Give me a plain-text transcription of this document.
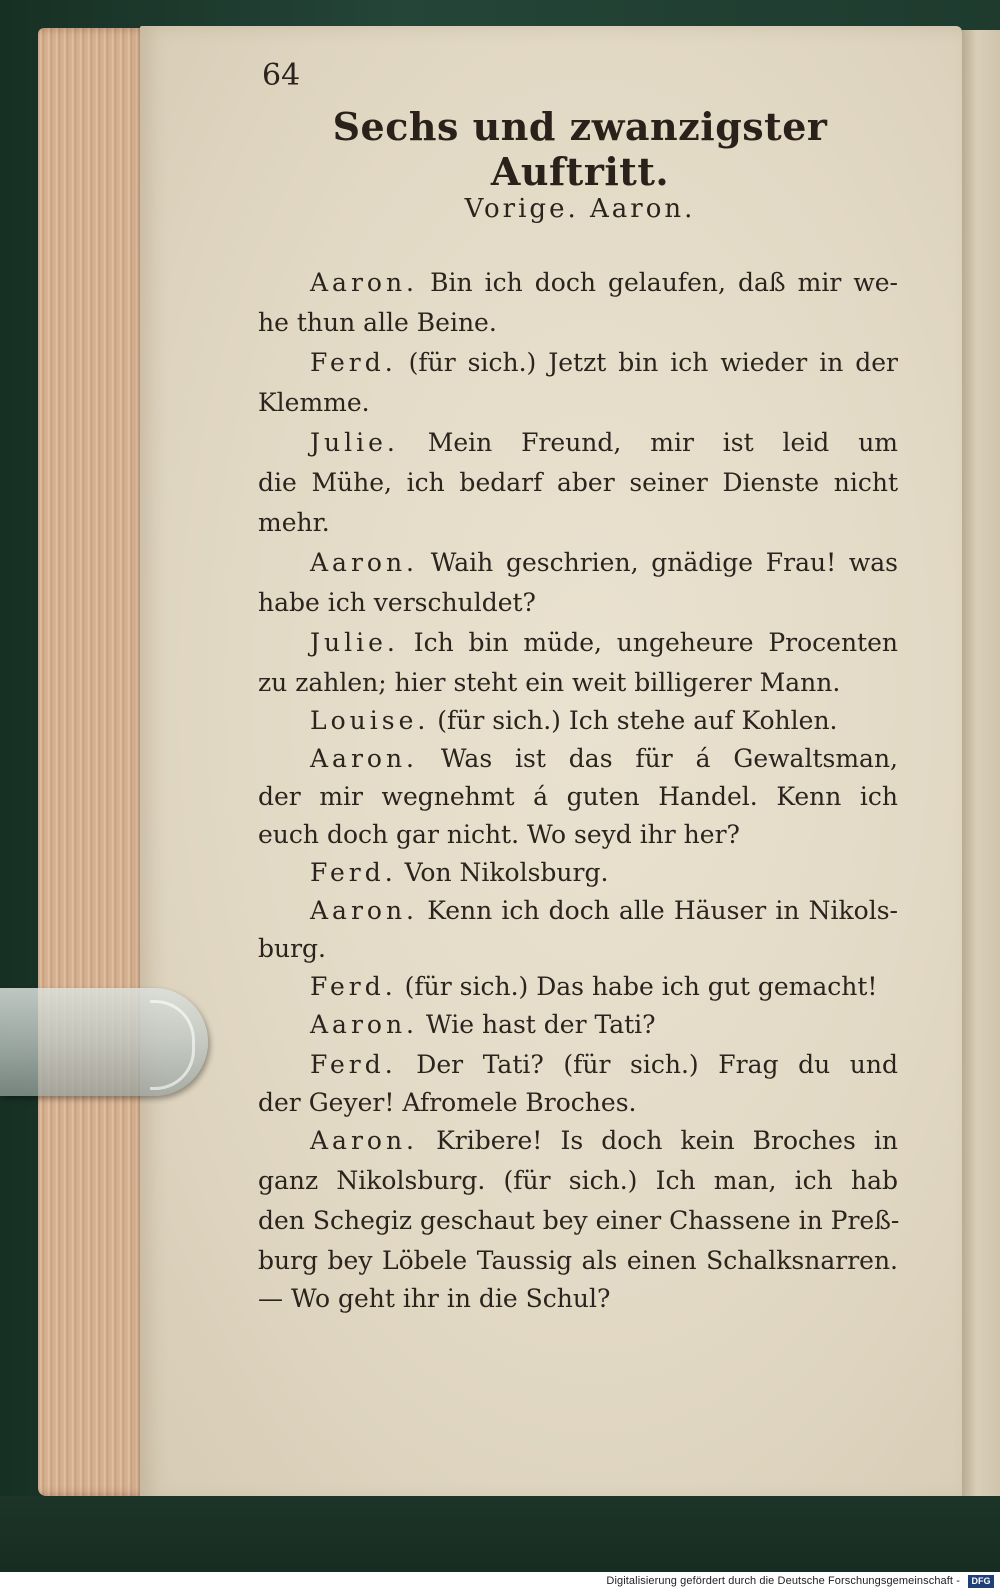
64
Sechs und zwanzigster Auftritt.
Vorige. Aaron.
Aaron. Bin ich doch gelaufen, daß mir we-
he thun alle Beine.
Ferd. (für sich.) Jetzt bin ich wieder in der
Klemme.
Julie. Mein Freund, mir ist leid um
die Mühe, ich bedarf aber seiner Dienste nicht
mehr.
Aaron. Waih geschrien, gnädige Frau! was
habe ich verschuldet?
Julie. Ich bin müde, ungeheure Procenten
zu zahlen; hier steht ein weit billigerer Mann.
Louise. (für sich.) Ich stehe auf Kohlen.
Aaron. Was ist das für á Gewaltsman,
der mir wegnehmt á guten Handel. Kenn ich
euch doch gar nicht. Wo seyd ihr her?
Ferd. Von Nikolsburg.
Aaron. Kenn ich doch alle Häuser in Nikols-
burg.
Ferd. (für sich.) Das habe ich gut gemacht!
Aaron. Wie hast der Tati?
Ferd. Der Tati? (für sich.) Frag du und
der Geyer! Afromele Broches.
Aaron. Kribere! Is doch kein Broches in
ganz Nikolsburg. (für sich.) Ich man, ich hab
den Schegiz geschaut bey einer Chassene in Preß-
burg bey Löbele Taussig als einen Schalksnarren.
— Wo geht ihr in die Schul?
Digitalisierung gefördert durch die Deutsche Forschungsgemeinschaft -	DFG
